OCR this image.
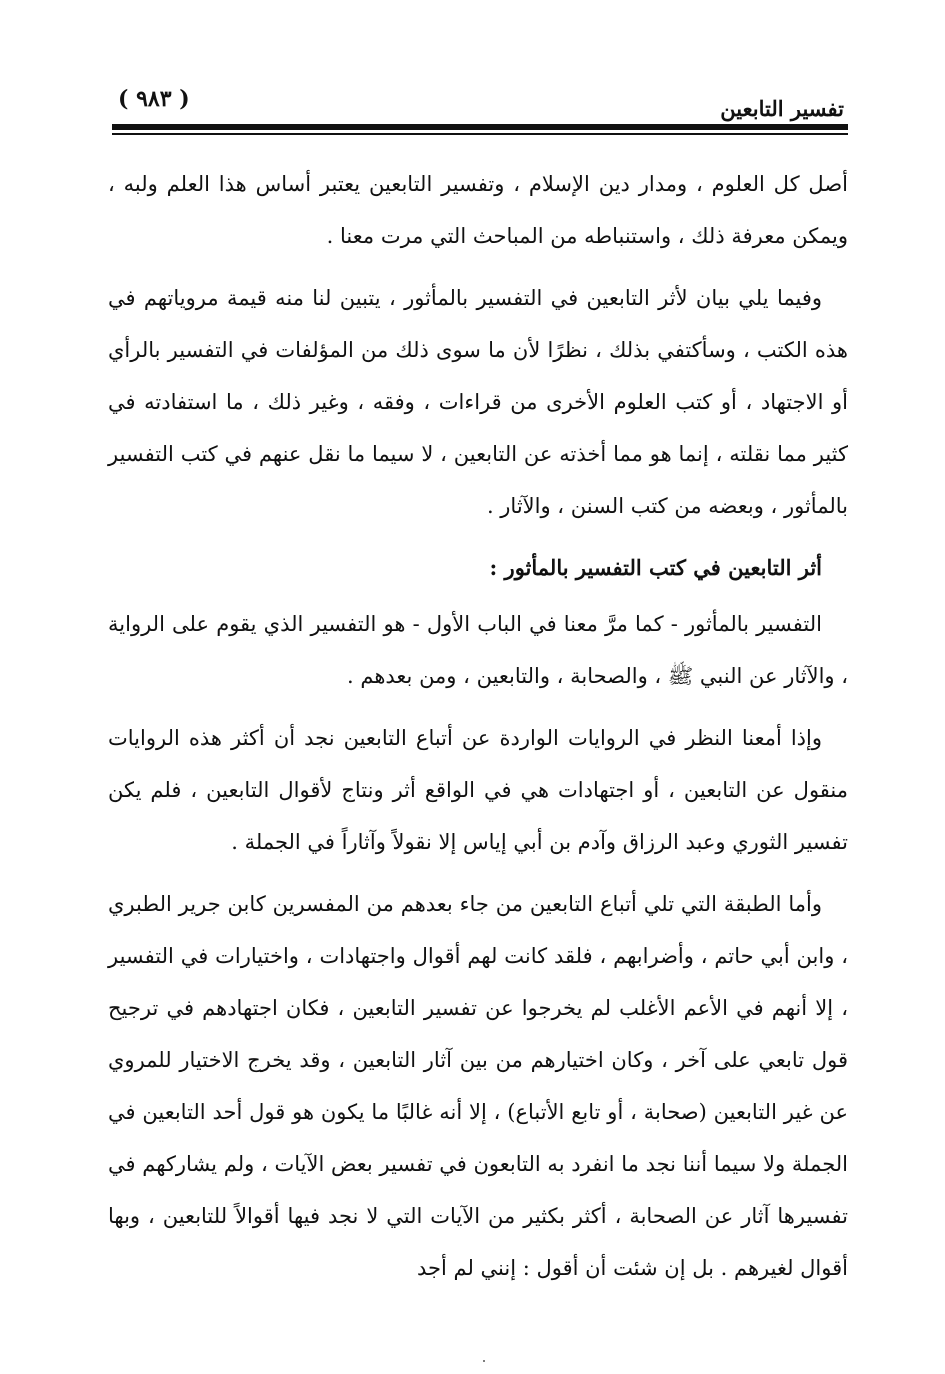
( ٩٨٣ )	تفسير التابعين

أصل كل العلوم ، ومدار دين الإسلام ، وتفسير التابعين يعتبر أساس هذا العلم ولبه ، ويمكن معرفة ذلك ، واستنباطه من المباحث التي مرت معنا .

وفيما يلي بيان لأثر التابعين في التفسير بالمأثور ، يتبين لنا منه قيمة مروياتهم في هذه الكتب ، وسأكتفي بذلك ، نظرًا لأن ما سوى ذلك من المؤلفات في التفسير بالرأي أو الاجتهاد ، أو كتب العلوم الأخرى من قراءات ، وفقه ، وغير ذلك ، ما استفادته في كثير مما نقلته ، إنما هو مما أخذته عن التابعين ، لا سيما ما نقل عنهم في كتب التفسير بالمأثور ، وبعضه من كتب السنن ، والآثار .

أثر التابعين في كتب التفسير بالمأثور :

التفسير بالمأثور - كما مرَّ معنا في الباب الأول - هو التفسير الذي يقوم على الرواية ، والآثار عن النبي ﷺ ، والصحابة ، والتابعين ، ومن بعدهم .

وإذا أمعنا النظر في الروايات الواردة عن أتباع التابعين نجد أن أكثر هذه الروايات منقول عن التابعين ، أو اجتهادات هي في الواقع أثر ونتاج لأقوال التابعين ، فلم يكن تفسير الثوري وعبد الرزاق وآدم بن أبي إياس إلا نقولاً وآثاراً في الجملة .

وأما الطبقة التي تلي أتباع التابعين من جاء بعدهم من المفسرين كابن جرير الطبري ، وابن أبي حاتم ، وأضرابهم ، فلقد كانت لهم أقوال واجتهادات ، واختيارات في التفسير ، إلا أنهم في الأعم الأغلب لم يخرجوا عن تفسير التابعين ، فكان اجتهادهم في ترجيح قول تابعي على آخر ، وكان اختيارهم من بين آثار التابعين ، وقد يخرج الاختيار للمروي عن غير التابعين (صحابة ، أو تابع الأتباع) ، إلا أنه غالبًا ما يكون هو قول أحد التابعين في الجملة ولا سيما أننا نجد ما انفرد به التابعون في تفسير بعض الآيات ، ولم يشاركهم في تفسيرها آثار عن الصحابة ، أكثر بكثير من الآيات التي لا نجد فيها أقوالاً للتابعين ، وبها أقوال لغيرهم . بل إن شئت أن أقول : إنني لم أجد
